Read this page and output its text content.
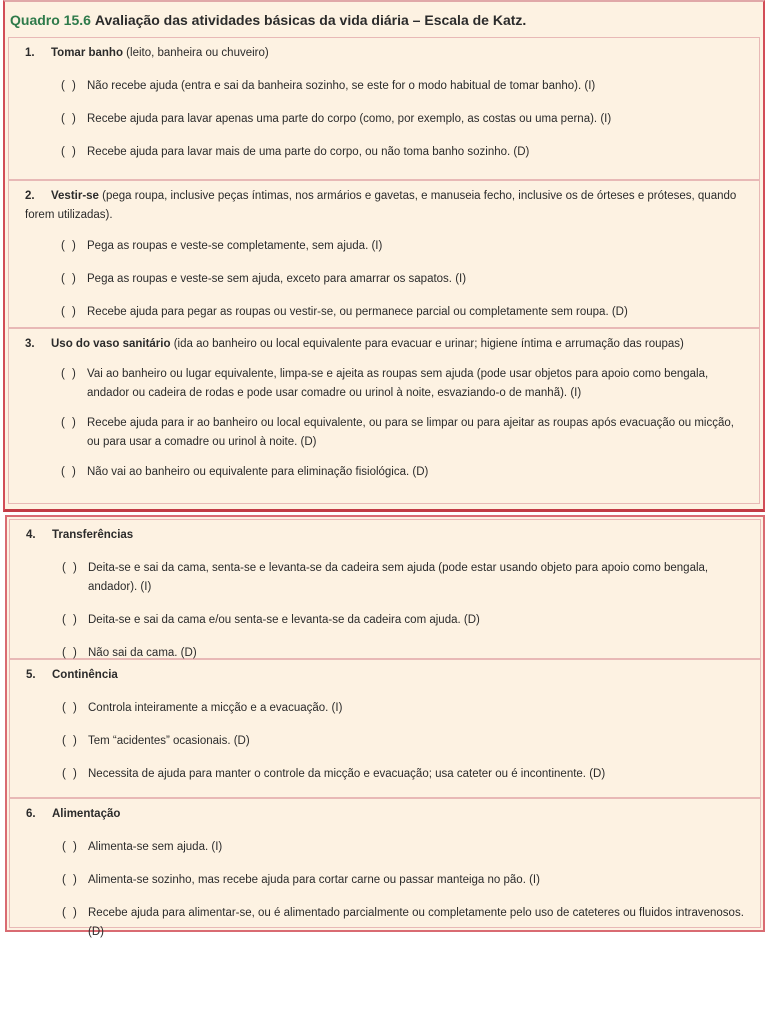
Quadro 15.6 Avaliação das atividades básicas da vida diária – Escala de Katz.
1. Tomar banho (leito, banheira ou chuveiro)
( ) Não recebe ajuda (entra e sai da banheira sozinho, se este for o modo habitual de tomar banho). (I)
( ) Recebe ajuda para lavar apenas uma parte do corpo (como, por exemplo, as costas ou uma perna). (I)
( ) Recebe ajuda para lavar mais de uma parte do corpo, ou não toma banho sozinho. (D)
2. Vestir-se (pega roupa, inclusive peças íntimas, nos armários e gavetas, e manuseia fecho, inclusive os de órteses e próteses, quando forem utilizadas).
( ) Pega as roupas e veste-se completamente, sem ajuda. (I)
( ) Pega as roupas e veste-se sem ajuda, exceto para amarrar os sapatos. (I)
( ) Recebe ajuda para pegar as roupas ou vestir-se, ou permanece parcial ou completamente sem roupa. (D)
3. Uso do vaso sanitário (ida ao banheiro ou local equivalente para evacuar e urinar; higiene íntima e arrumação das roupas)
( ) Vai ao banheiro ou lugar equivalente, limpa-se e ajeita as roupas sem ajuda (pode usar objetos para apoio como bengala, andador ou cadeira de rodas e pode usar comadre ou urinol à noite, esvaziando-o de manhã). (I)
( ) Recebe ajuda para ir ao banheiro ou local equivalente, ou para se limpar ou para ajeitar as roupas após evacuação ou micção, ou para usar a comadre ou urinol à noite. (D)
( ) Não vai ao banheiro ou equivalente para eliminação fisiológica. (D)
4. Transferências
( ) Deita-se e sai da cama, senta-se e levanta-se da cadeira sem ajuda (pode estar usando objeto para apoio como bengala, andador). (I)
( ) Deita-se e sai da cama e/ou senta-se e levanta-se da cadeira com ajuda. (D)
( ) Não sai da cama. (D)
5. Continência
( ) Controla inteiramente a micção e a evacuação. (I)
( ) Tem “acidentes” ocasionais. (D)
( ) Necessita de ajuda para manter o controle da micção e evacuação; usa cateter ou é incontinente. (D)
6. Alimentação
( ) Alimenta-se sem ajuda. (I)
( ) Alimenta-se sozinho, mas recebe ajuda para cortar carne ou passar manteiga no pão. (I)
( ) Recebe ajuda para alimentar-se, ou é alimentado parcialmente ou completamente pelo uso de cateteres ou fluidos intravenosos. (D)
